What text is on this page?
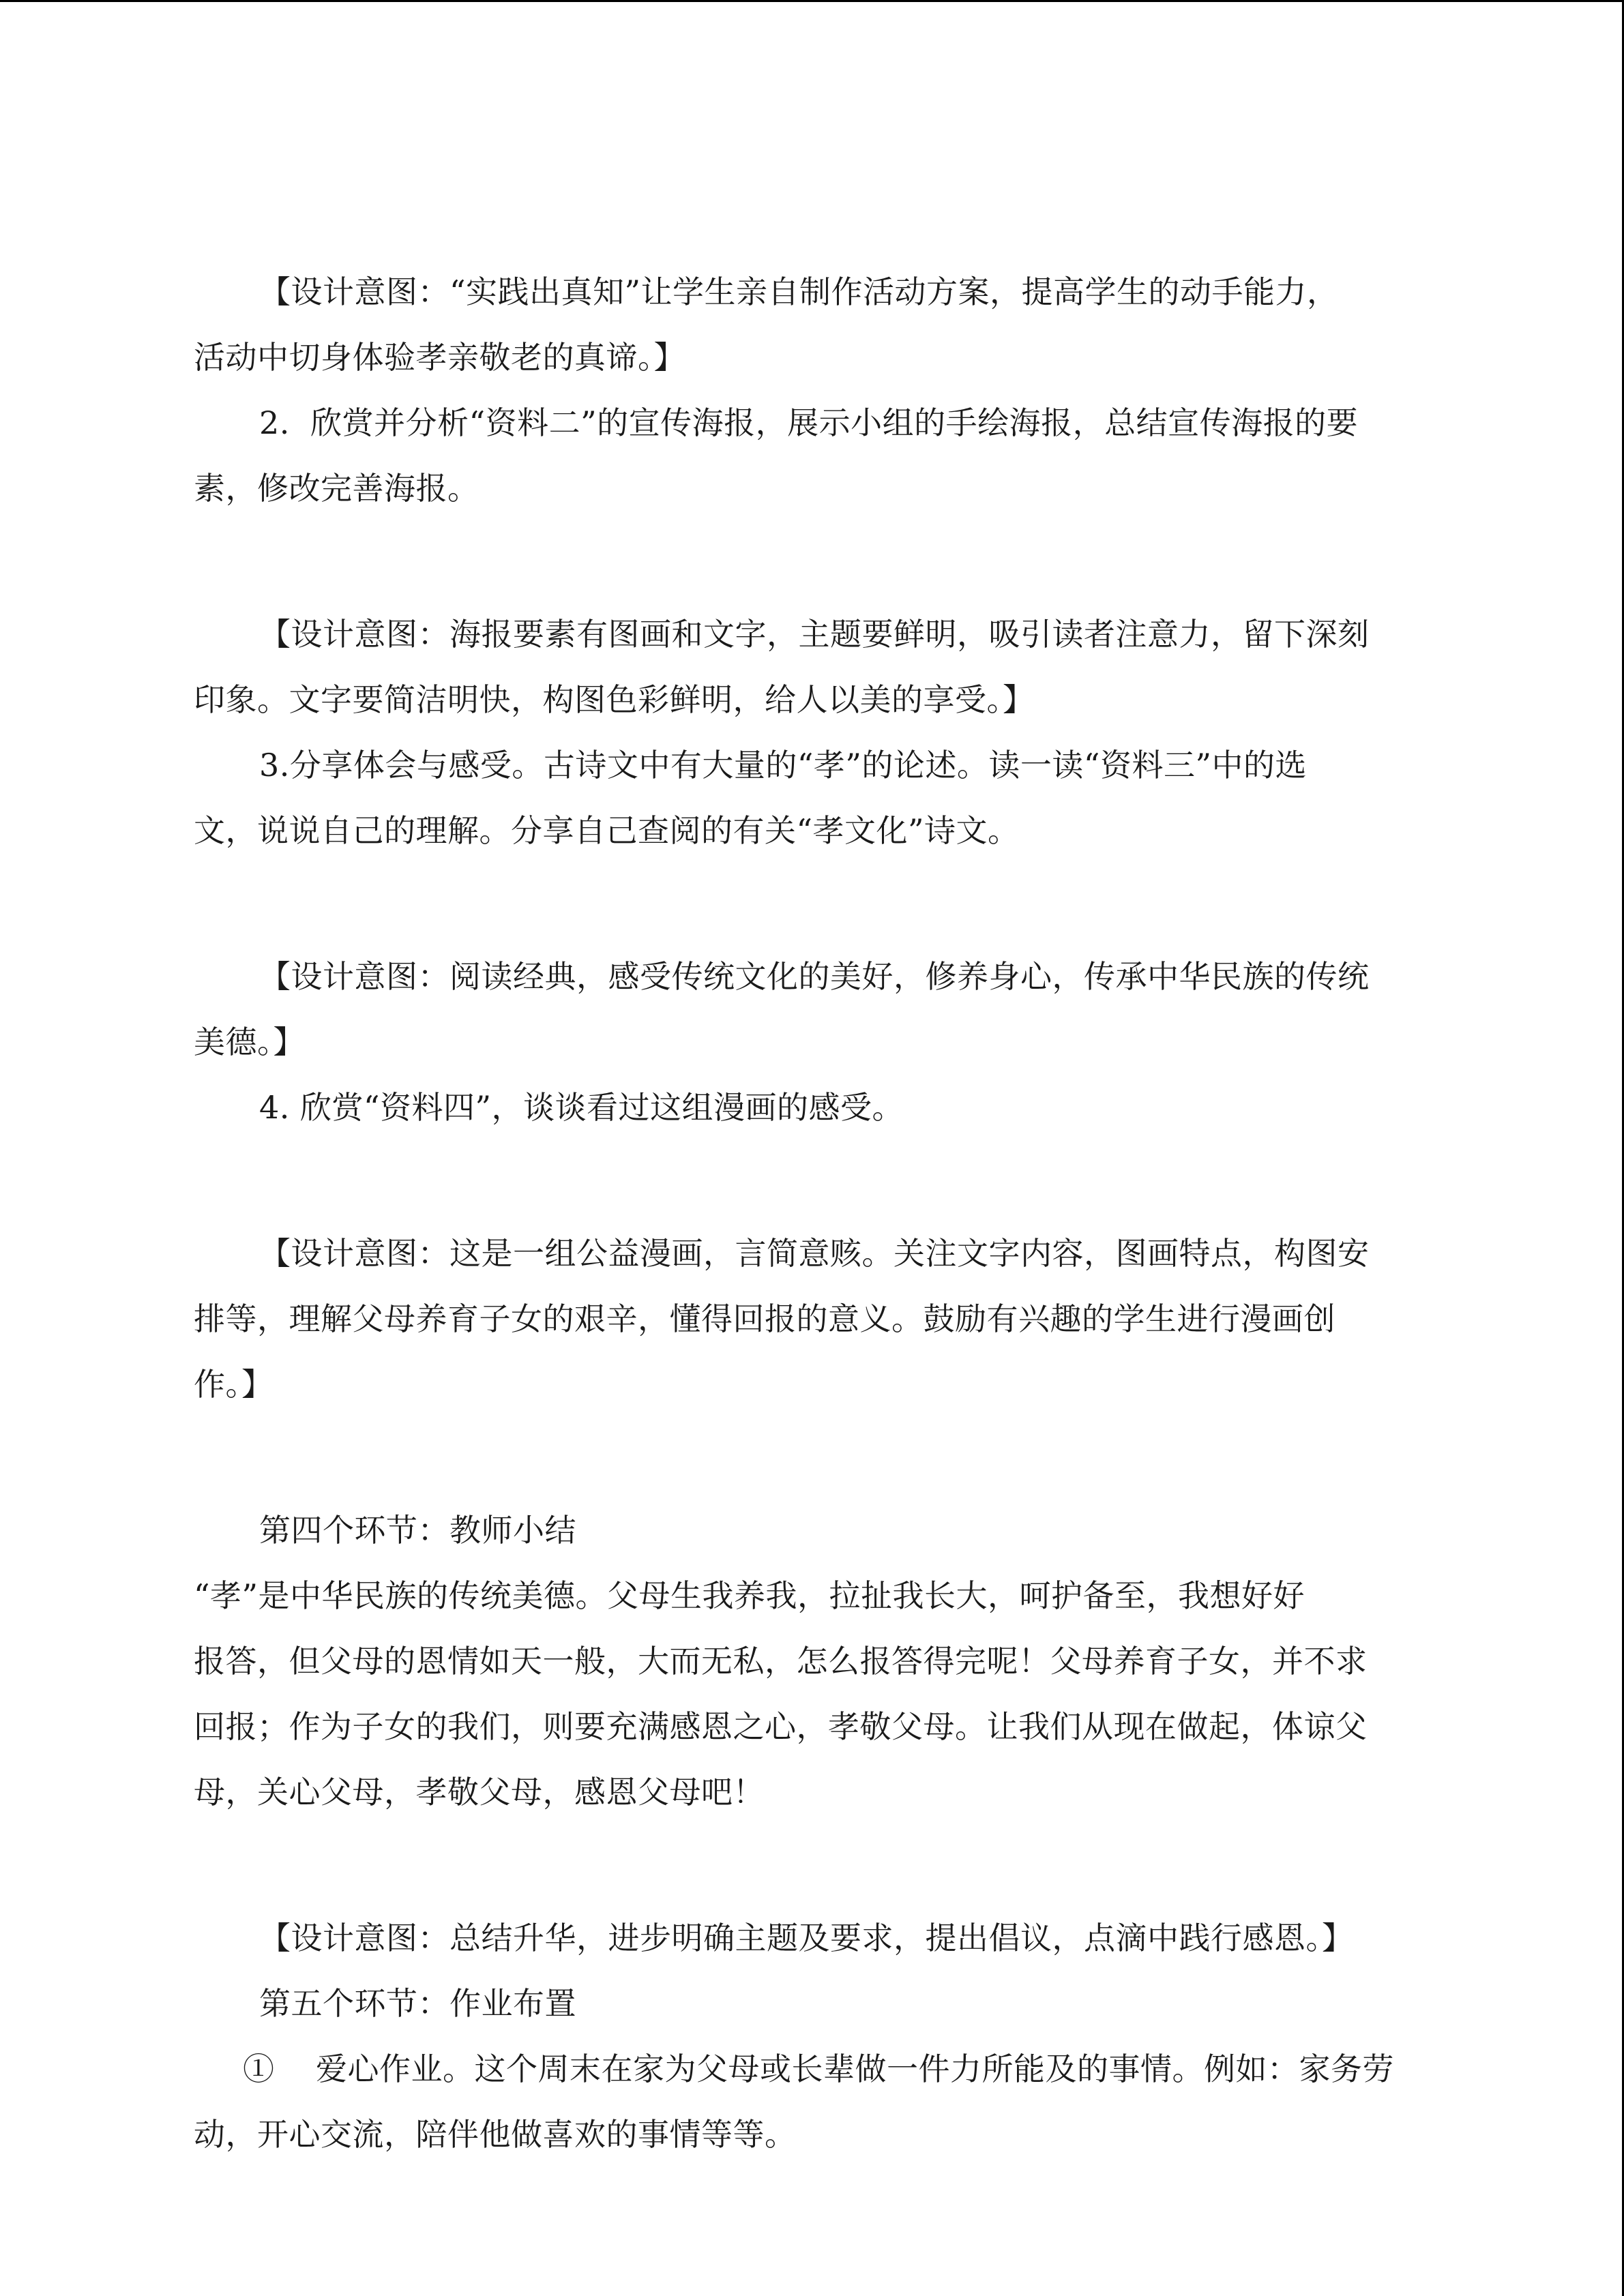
【设计意图：“实践出真知”让学生亲自制作活动方案，提高学生的动手能力，
活动中切身体验孝亲敬老的真谛。】
2.  欣赏并分析“资料二”的宣传海报，展示小组的手绘海报，总结宣传海报的要
素，修改完善海报。
【设计意图：海报要素有图画和文字，主题要鲜明，吸引读者注意力，留下深刻
印象。文字要简洁明快，构图色彩鲜明，给人以美的享受。】
3.分享体会与感受。古诗文中有大量的“孝”的论述。读一读“资料三”中的选
文，说说自己的理解。分享自己查阅的有关“孝文化”诗文。
【设计意图：阅读经典，感受传统文化的美好，修养身心，传承中华民族的传统
美德。】
4. 欣赏“资料四”，谈谈看过这组漫画的感受。
【设计意图：这是一组公益漫画，言简意赅。关注文字内容，图画特点，构图安
排等，理解父母养育子女的艰辛，懂得回报的意义。鼓励有兴趣的学生进行漫画创
作。】
第四个环节：教师小结
“孝”是中华民族的传统美德。父母生我养我，拉扯我长大，呵护备至，我想好好
报答，但父母的恩情如天一般，大而无私，怎么报答得完呢！父母养育子女，并不求
回报；作为子女的我们，则要充满感恩之心，孝敬父母。让我们从现在做起，体谅父
母，关心父母，孝敬父母，感恩父母吧！
【设计意图：总结升华，进步明确主题及要求，提出倡议，点滴中践行感恩。】
第五个环节：作业布置
①    爱心作业。这个周末在家为父母或长辈做一件力所能及的事情。例如：家务劳
动，开心交流，陪伴他做喜欢的事情等等。
